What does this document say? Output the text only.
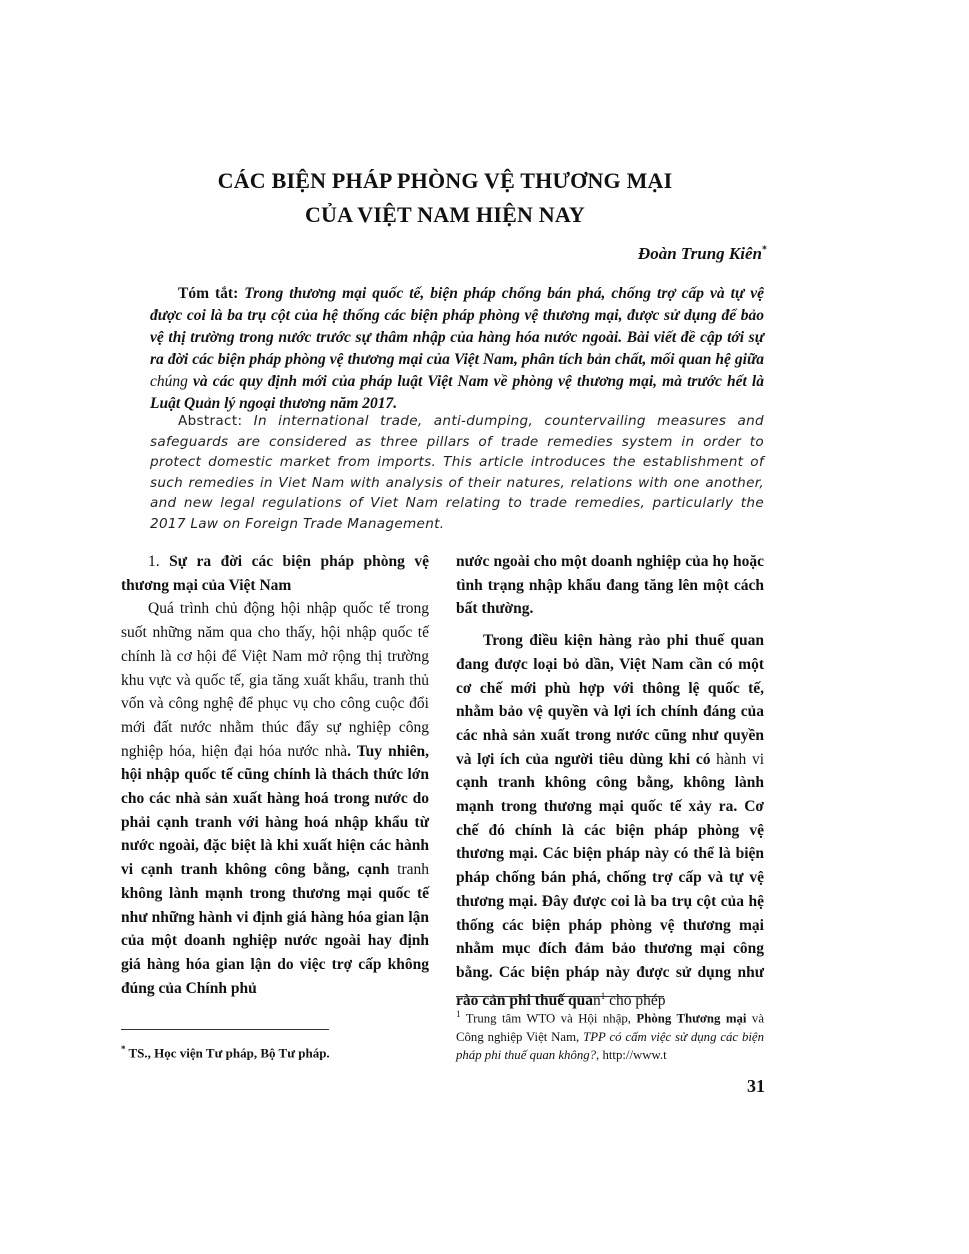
CÁC BIỆN PHÁP PHÒNG VỆ THƯƠNG MẠI
CỦA VIỆT NAM HIỆN NAY
Đoàn Trung Kiên*
Tóm tắt: Trong thương mại quốc tế, biện pháp chống bán phá, chống trợ cấp và tự vệ được coi là ba trụ cột của hệ thống các biện pháp phòng vệ thương mại, được sử dụng để bảo vệ thị trường trong nước trước sự thâm nhập của hàng hóa nước ngoài. Bài viết đề cập tới sự ra đời các biện pháp phòng vệ thương mại của Việt Nam, phân tích bản chất, mối quan hệ giữa chúng và các quy định mới của pháp luật Việt Nam về phòng vệ thương mại, mà trước hết là Luật Quản lý ngoại thương năm 2017.
Abstract: In international trade, anti-dumping, countervailing measures and safeguards are considered as three pillars of trade remedies system in order to protect domestic market from imports. This article introduces the establishment of such remedies in Viet Nam with analysis of their natures, relations with one another, and new legal regulations of Viet Nam relating to trade remedies, particularly the 2017 Law on Foreign Trade Management.

1. Sự ra đời các biện pháp phòng vệ thương mại của Việt Nam

Quá trình chủ động hội nhập quốc tế trong suốt những năm qua cho thấy, hội nhập quốc tế chính là cơ hội để Việt Nam mở rộng thị trường khu vực và quốc tế, gia tăng xuất khẩu, tranh thủ vốn và công nghệ để phục vụ cho công cuộc đổi mới đất nước nhằm thúc đẩy sự nghiệp công nghiệp hóa, hiện đại hóa nước nhà. Tuy nhiên, hội nhập quốc tế cũng chính là thách thức lớn cho các nhà sản xuất hàng hoá trong nước do phải cạnh tranh với hàng hoá nhập khẩu từ nước ngoài, đặc biệt là khi xuất hiện các hành vi cạnh tranh không công bằng, cạnh tranh không lành mạnh trong thương mại quốc tế như những hành vi định giá hàng hóa gian lận của một doanh nghiệp nước ngoài hay định giá hàng hóa gian lận do việc trợ cấp không đúng của Chính phủ

nước ngoài cho một doanh nghiệp của họ hoặc tình trạng nhập khẩu đang tăng lên một cách bất thường.

Trong điều kiện hàng rào phi thuế quan đang được loại bỏ dần, Việt Nam cần có một cơ chế mới phù hợp với thông lệ quốc tế, nhằm bảo vệ quyền và lợi ích chính đáng của các nhà sản xuất trong nước cũng như quyền và lợi ích của người tiêu dùng khi có hành vi cạnh tranh không công bằng, không lành mạnh trong thương mại quốc tế xảy ra. Cơ chế đó chính là các biện pháp phòng vệ thương mại. Các biện pháp này có thể là biện pháp chống bán phá, chống trợ cấp và tự vệ thương mại. Đây được coi là ba trụ cột của hệ thống các biện pháp phòng vệ thương mại nhằm mục đích đảm bảo thương mại công bằng. Các biện pháp này được sử dụng như rào cản phi thuế quan$^1$ cho phép

* TS., Học viện Tư pháp, Bộ Tư pháp.
$^1$ Trung tâm WTO và Hội nhập, Phòng Thương mại và Công nghiệp Việt Nam, TPP có cấm việc sử dụng các biện pháp phi thuế quan không?, http://www.t
31
